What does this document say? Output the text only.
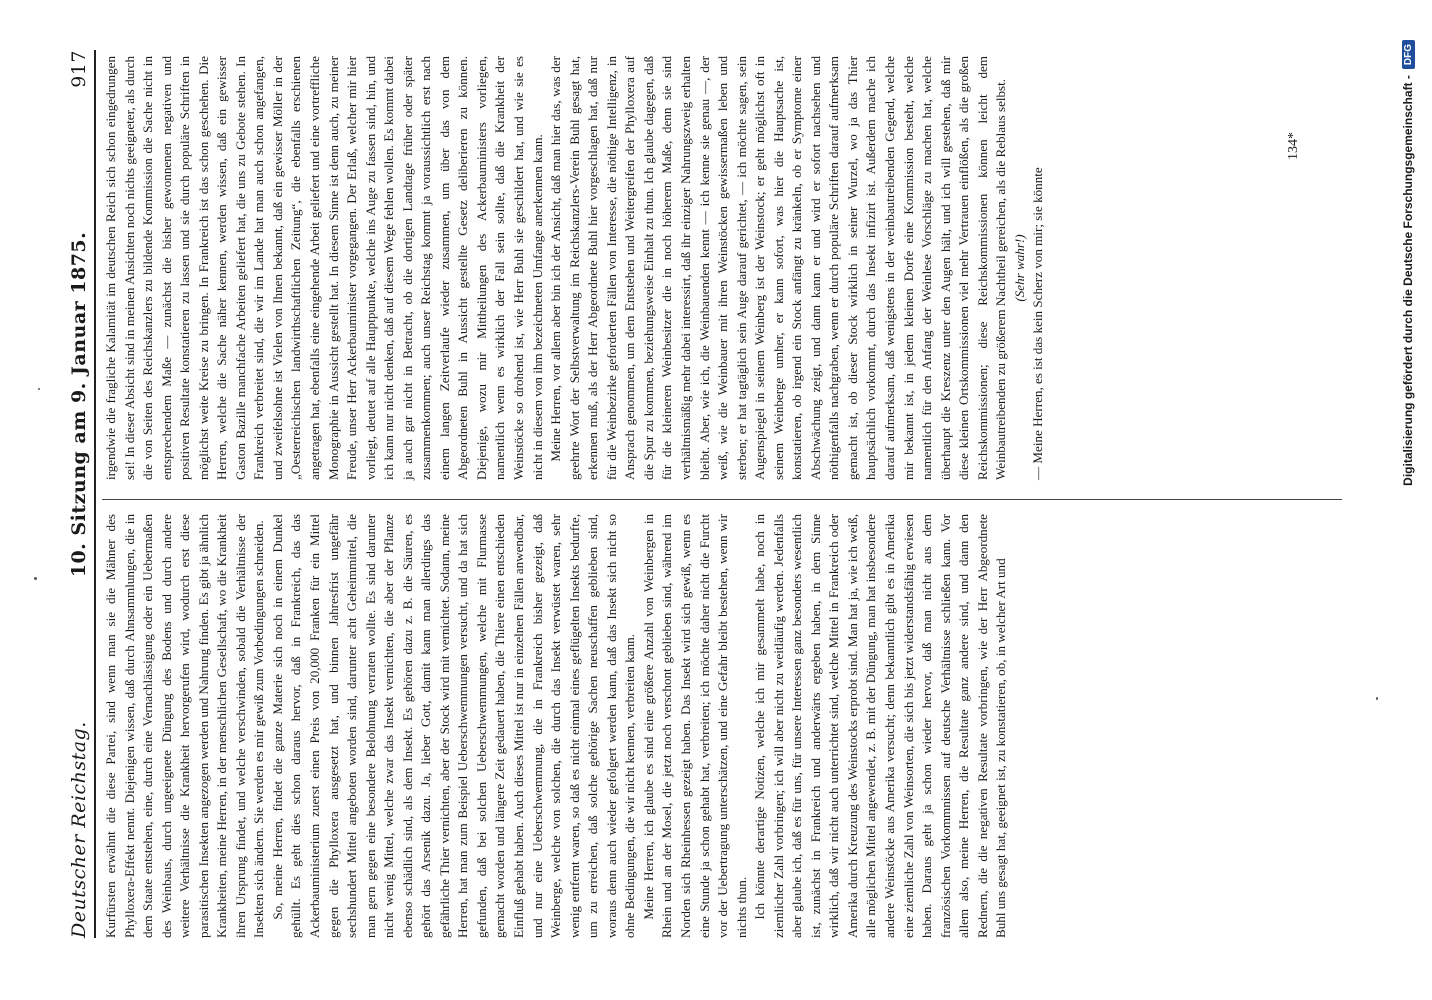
Deutscher Reichstag.
10. Sitzung am 9. Januar 1875.
917

Kurfürsten erwähnt die diese Partei, sind wenn man sie die Mähner des Phylloxera-Effekt nennt. Diejenigen wissen, daß durch Ahnsammlungen, die in dem Staate entstehen, eine, durch eine Vernachlässigung oder ein Uebermaßen des Weinbaus, durch ungeeignete Düngung des Bodens und durch andere weitere Verhältnisse die Krankheit hervorgerufen wird, wodurch erst diese parasitischen Insekten angezogen werden und Nahrung finden. Es gibt ja ähnlich Krankheiten, meine Herren, in der menschlichen Gesellschaft, wo die Krankheit ihren Ursprung findet, und welche verschwinden, sobald die Verhältnisse der Insekten sich ändern. Sie werden es mir gewiß zum Vorbedingungen schneiden. So, meine Herren, findet die ganze Materie sich noch in einem Dunkel gehüllt. Es geht dies schon daraus hervor, daß in Frankreich, das das Ackerbauministerium zuerst einen Preis von 20,000 Franken für ein Mittel gegen die Phylloxera ausgesetzt hat, und binnen Jahresfrist ungefähr sechshundert Mittel angeboten worden sind, darunter acht Geheimmittel, die man gern gegen eine besondere Belohnung verraten wollte. Es sind darunter nicht wenig Mittel, welche zwar das Insekt vernichten, die aber der Pflanze ebenso schädlich sind, als dem Insekt. Es gehören dazu z. B. die Säuren, es gehört das Arsenik dazu. Ja, lieber Gott, damit kann man allerdings das gefährliche Thier vernichten, aber der Stock wird mit vernichtet. Sodann, meine Herren, hat man zum Beispiel Ueberschwemmungen versucht, und da hat sich gefunden, daß bei solchen Ueberschwemmungen, welche mit Flurmasse gemacht worden und längere Zeit gedauert haben, die Thiere einen entschieden Einfluß gehabt haben. Auch dieses Mittel ist nur in einzelnen Fällen anwendbar, und nur eine Ueberschwemmung, die in Frankreich bisher gezeigt, daß Weinberge, welche von solchen, die durch das Insekt verwüstet waren, sehr wenig entfernt waren, so daß es nicht einmal eines geflügelten Insekts bedurfte, um zu erreichen, daß solche gehörige Sachen neuschaffen geblieben sind, woraus denn auch wieder gefolgert werden kann, daß das Insekt sich nicht so ohne Bedingungen, die wir nicht kennen, verbreiten kann. Meine Herren, ich glaube es sind eine größere Anzahl von Weinbergen in Rhein und an der Mosel, die jetzt noch verschont geblieben sind, während im Norden sich Rheinhessen gezeigt haben. Das Insekt wird sich gewiß, wenn es eine Stunde ja schon gehabt hat, verbreiten; ich möchte daher nicht die Furcht vor der Uebertragung unterschätzen, und eine Gefahr bleibt bestehen, wenn wir nichts thun. Ich könnte derartige Notizen, welche ich mir gesammelt habe, noch in ziemlicher Zahl vorbringen; ich will aber nicht zu weitläufig werden. Jedenfalls aber glaube ich, daß es für uns, für unsere Interessen ganz besonders wesentlich ist, zunächst in Frankreich und anderwärts ergeben haben, in dem Sinne wirklich, daß wir nicht auch unterrichtet sind, welche Mittel in Frankreich oder Amerika durch Kreuzung des Weinstocks erprobt sind. Man hat ja, wie ich weiß, alle möglichen Mittel angewendet, z. B. mit der Düngung, man hat insbesondere andere Weinstöcke aus Amerika versucht; denn bekanntlich gibt es in Amerika eine ziemliche Zahl von Weinsorten, die sich bis jetzt widerstandsfähig erwiesen haben. Daraus geht ja schon wieder hervor, daß man nicht aus dem französischen Vorkommnissen auf deutsche Verhältnisse schließen kann. Vor allem also, meine Herren, die Resultate ganz andere sind, und dann den Rednern, die die negativen Resultate vorbringen, wie der Herr Abgeordnete Buhl uns gesagt hat, geeignet ist, zu konstatieren, ob, in welcher Art und

irgendwie die fragliche Kalamität im deutschen Reich sich schon eingedrungen sei! In dieser Absicht sind in meinen Ansichten noch nichts geeigneter, als durch die von Seiten des Reichskanzlers zu bildende Kommission die Sache nicht in entsprechendem Maße — zunächst die bisher gewonnenen negativen und positiven Resultate konstatieren zu lassen und sie durch populäre Schriften in möglichst weite Kreise zu bringen. In Frankreich ist das schon geschehen. Die Herren, welche die Sache näher kennen, werden wissen, daß ein gewisser Gaston Bazille manchfache Arbeiten geliefert hat, die uns zu Gebote stehen. In Frankreich verbreitet sind, die wir im Lande hat man auch schon angefangen, und zweifelsohne ist Vielen von Ihnen bekannt, daß ein gewisser Möller in der „Oesterreichischen landwirthschaftlichen Zeitung“, die ebenfalls erschienen angetragen hat, ebenfalls eine eingehende Arbeit geliefert und eine vortreffliche Monographie in Aussicht gestellt hat. In diesem Sinne ist denn auch, zu meiner Freude, unser Herr Ackerbauminister vorgegangen. Der Erlaß, welcher mir hier vorliegt, deutet auf alle Hauptpunkte, welche ins Auge zu fassen sind, hin, und ich kann nur nicht denken, daß auf diesem Wege fehlen wollen. Es kommt dabei ja auch gar nicht in Betracht, ob die dortigen Landtage früher oder später zusammenkommen; auch unser Reichstag kommt ja voraussichtlich erst nach einem langen Zeitverlaufe wieder zusammen, um über das von dem Abgeordneten Buhl in Aussicht gestellte Gesetz deliberieren zu können. Diejenige, wozu mir Mittheilungen des Ackerbauministers vorliegen, namentlich wenn es wirklich der Fall sein sollte, daß die Krankheit der Weinstöcke so drohend ist, wie Herr Buhl sie geschildert hat, und wie sie es nicht in diesem von ihm bezeichneten Umfange anerkennen kann. Meine Herren, vor allem aber bin ich der Ansicht, daß man hier das, was der geehrte Wort der Selbstverwaltung im Reichskanzlers-Verein Buhl gesagt hat, erkennen muß, als der Herr Abgeordnete Buhl hier vorgeschlagen hat, daß nur für die Weinbezirke geforderten Fällen von Interesse, die nöthige Intelligenz, in Ansprach genommen, um dem Entstehen und Weitergreifen der Phylloxera auf die Spur zu kommen, beziehungsweise Einhalt zu thun. Ich glaube dagegen, daß für die kleineren Weinbesitzer die in noch höherem Maße, denn sie sind verhältnismäßig mehr dabei interessirt, daß ihr einziger Nahrungszweig erhalten bleibt. Aber, wie ich, die Weinbauenden kennt — ich kenne sie genau —, der weiß, wie die Weinbauer mit ihren Weinstöcken gewissermaßen leben und sterben; er hat tagtäglich sein Auge darauf gerichtet, — ich möchte sagen, sein Augenspiegel in seinem Weinberg ist der Weinstock; er geht möglichst oft in seinem Weinberge umher, er kann sofort, was hier die Hauptsache ist, konstatieren, ob irgend ein Stock anfängt zu kränkeln, ob er Symptome einer Abschwächung zeigt, und dann kann er und wird er sofort nachsehen und nöthigenfalls nachgraben, wenn er durch populäre Schriften darauf aufmerksam gemacht ist, ob dieser Stock wirklich in seiner Wurzel, wo ja das Thier hauptsächlich vorkommt, durch das Insekt infizirt ist. Außerdem mache ich darauf aufmerksam, daß wenigstens in der weinbautreibenden Gegend, welche mir bekannt ist, in jedem kleinen Dorfe eine Kommission besteht, welche namentlich für den Anfang der Weinlese Vorschläge zu machen hat, welche überhaupt die Kreszenz unter den Augen hält, und ich will gestehen, daß mir diese kleinen Ortskommissionen viel mehr Vertrauen einflößen, als die großen Reichskommissionen; diese Reichskommissionen können leicht dem Weinbautreibenden zu größerem Nachtheil gereichen, als die Reblaus selbst. (Sehr wahr!) — Meine Herren, es ist das kein Scherz von mir; sie könnte

134*	Digitalisierung gefördert durch die Deutsche Forschungsgemeinschaft -
DFG
